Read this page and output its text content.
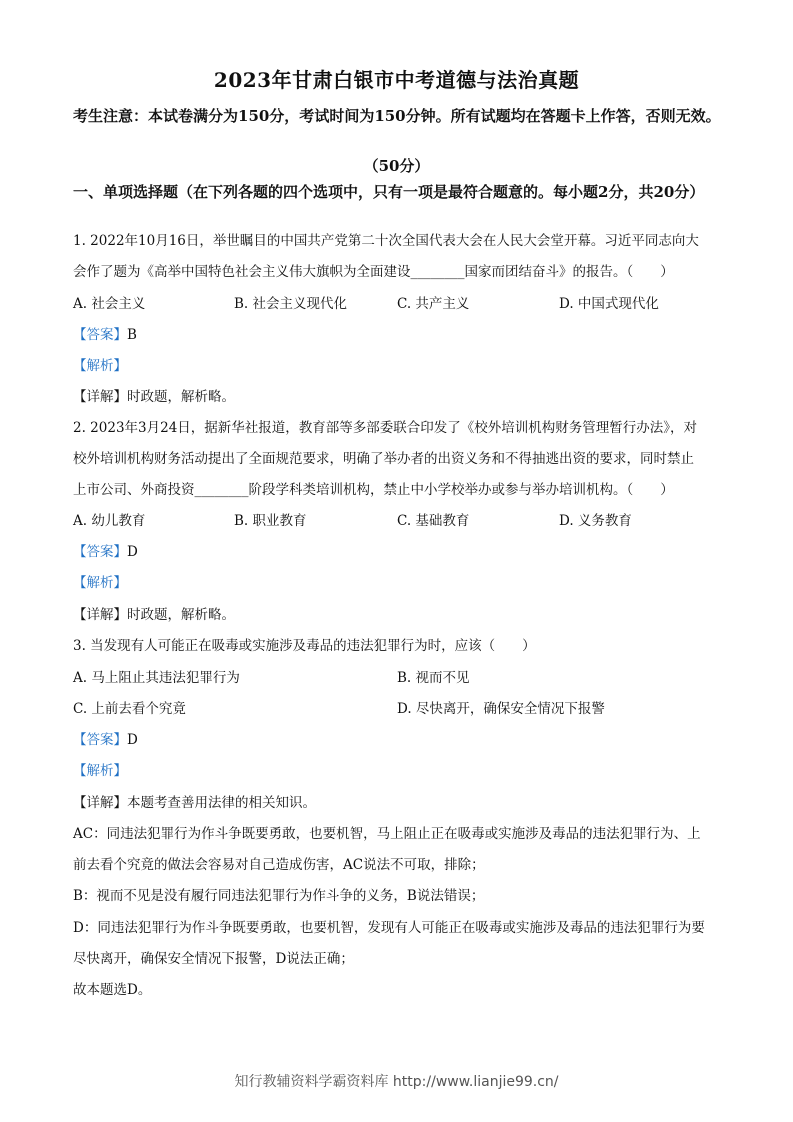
2023年甘肃白银市中考道德与法治真题
考生注意：本试卷满分为150分，考试时间为150分钟。所有试题均在答题卡上作答，否则无效。
（50分）
一、单项选择题（在下列各题的四个选项中，只有一项是最符合题意的。每小题2分，共20分）
1. 2022年10月16日，举世瞩目的中国共产党第二十次全国代表大会在人民大会堂开幕。习近平同志向大
会作了题为《高举中国特色社会主义伟大旗帜为全面建设________国家而团结奋斗》的报告。（　　）
A. 社会主义	B. 社会主义现代化	C. 共产主义	D. 中国式现代化
【答案】B
【解析】
【详解】时政题，解析略。
2. 2023年3月24日，据新华社报道，教育部等多部委联合印发了《校外培训机构财务管理暂行办法》，对
校外培训机构财务活动提出了全面规范要求，明确了举办者的出资义务和不得抽逃出资的要求，同时禁止
上市公司、外商投资________阶段学科类培训机构，禁止中小学校举办或参与举办培训机构。（　　）
A. 幼儿教育	B. 职业教育	C. 基础教育	D. 义务教育
【答案】D
【解析】
【详解】时政题，解析略。
3. 当发现有人可能正在吸毒或实施涉及毒品的违法犯罪行为时，应该（　　）
A. 马上阻止其违法犯罪行为	B. 视而不见
C. 上前去看个究竟	D. 尽快离开，确保安全情况下报警
【答案】D
【解析】
【详解】本题考查善用法律的相关知识。
AC：同违法犯罪行为作斗争既要勇敢，也要机智，马上阻止正在吸毒或实施涉及毒品的违法犯罪行为、上
前去看个究竟的做法会容易对自己造成伤害，AC说法不可取，排除；
B：视而不见是没有履行同违法犯罪行为作斗争的义务，B说法错误；
D：同违法犯罪行为作斗争既要勇敢，也要机智，发现有人可能正在吸毒或实施涉及毒品的违法犯罪行为要
尽快离开，确保安全情况下报警，D说法正确；
故本题选D。
知行教辅资料学霸资料库 http://www.lianjie99.cn/
